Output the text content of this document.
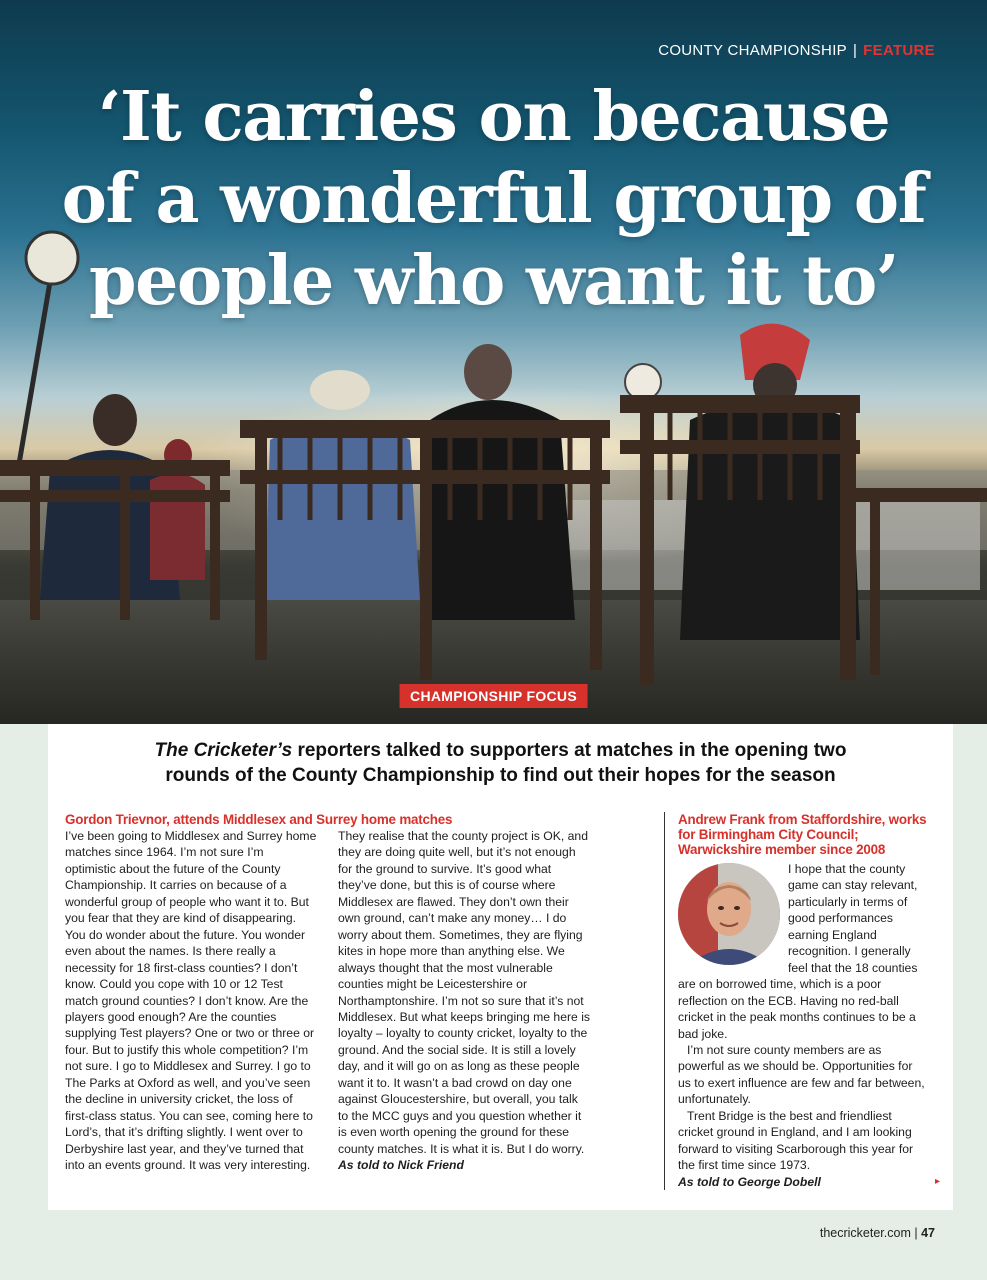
COUNTY CHAMPIONSHIP | FEATURE
‘It carries on because
of a wonderful group of
people who want it to’
CHAMPIONSHIP FOCUS
The Cricketer’s reporters talked to supporters at matches in the opening two
rounds of the County Championship to find out their hopes for the season
Gordon Trievnor, attends Middlesex and Surrey home matches

I’ve been going to Middlesex and Surrey home matches since 1964. I’m not sure I’m optimistic about the future of the County Championship. It carries on because of a wonderful group of people who want it to. But you fear that they are kind of disappearing. You do wonder about the future. You wonder even about the names. Is there really a necessity for 18 first-class counties? I don’t know. Could you cope with 10 or 12 Test match ground counties? I don’t know. Are the players good enough? Are the counties supplying Test players? One or two or three or four. But to justify this whole competition? I’m not sure. I go to Middlesex and Surrey. I go to The Parks at Oxford as well, and you’ve seen the decline in university cricket, the loss of first-class status. You can see, coming here to Lord’s, that it’s drifting slightly. I went over to Derbyshire last year, and they’ve turned that into an events ground. It was very interesting.

They realise that the county project is OK, and they are doing quite well, but it’s not enough for the ground to survive. It’s good what they’ve done, but this is of course where Middlesex are flawed. They don’t own their own ground, can’t make any money… I do worry about them. Sometimes, they are flying kites in hope more than anything else. We always thought that the most vulnerable counties might be Leicestershire or Northamptonshire. I’m not so sure that it’s not Middlesex. But what keeps bringing me here is loyalty – loyalty to county cricket, loyalty to the ground. And the social side. It is still a lovely day, and it will go on as long as these people want it to. It wasn’t a bad crowd on day one against Gloucestershire, but overall, you talk to the MCC guys and you question whether it is even worth opening the ground for these county matches. It is what it is. But I do worry.

As told to Nick Friend

Andrew Frank from Staffordshire, works for Birmingham City Council; Warwickshire member since 2008

I hope that the county game can stay relevant, particularly in terms of good performances earning England recognition. I generally feel that the 18 counties are on borrowed time, which is a poor reflection on the ECB. Having no red-ball cricket in the peak months continues to be a bad joke.

I’m not sure county members are as powerful as we should be. Opportunities for us to exert influence are few and far between, unfortunately.

Trent Bridge is the best and friendliest cricket ground in England, and I am looking forward to visiting Scarborough this year for the first time since 1973.

As told to George Dobell	▸
thecricketer.com | 47
